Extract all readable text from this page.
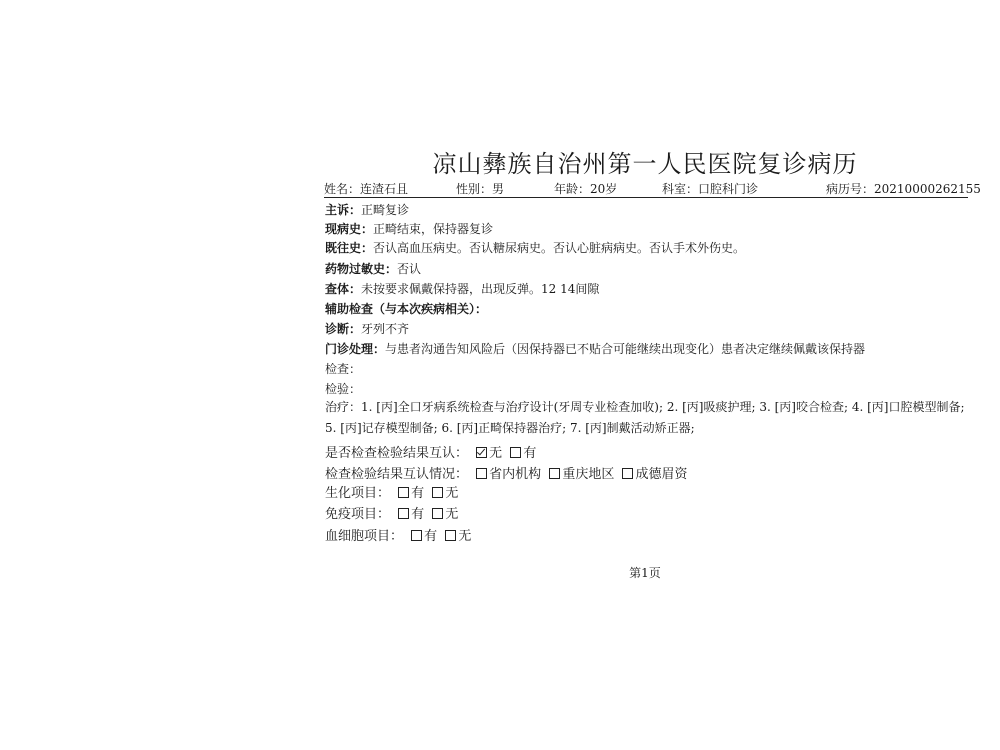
凉山彝族自治州第一人民医院复诊病历
姓名：连渣石且	性别：男	年龄：20岁	科室：口腔科门诊	病历号：20210000262155
主诉：正畸复诊
现病史：正畸结束，保持器复诊
既往史：否认高血压病史。否认糖尿病史。否认心脏病病史。否认手术外伤史。
药物过敏史：否认
查体：未按要求佩戴保持器，出现反弹。12 14间隙
辅助检查（与本次疾病相关）：
诊断：牙列不齐
门诊处理：与患者沟通告知风险后（因保持器已不贴合可能继续出现变化）患者决定继续佩戴该保持器
检查：
检验：
治疗：1. [丙]全口牙病系统检查与治疗设计(牙周专业检查加收); 2. [丙]吸痰护理; 3. [丙]咬合检查; 4. [丙]口腔模型制备; 5. [丙]记存模型制备; 6. [丙]正畸保持器治疗; 7. [丙]制戴活动矫正器;
是否检查检验结果互认： 无 有
检查检验结果互认情况： 省内机构 重庆地区 成德眉资
生化项目： 有 无
免疫项目： 有 无
血细胞项目： 有 无
第1页
